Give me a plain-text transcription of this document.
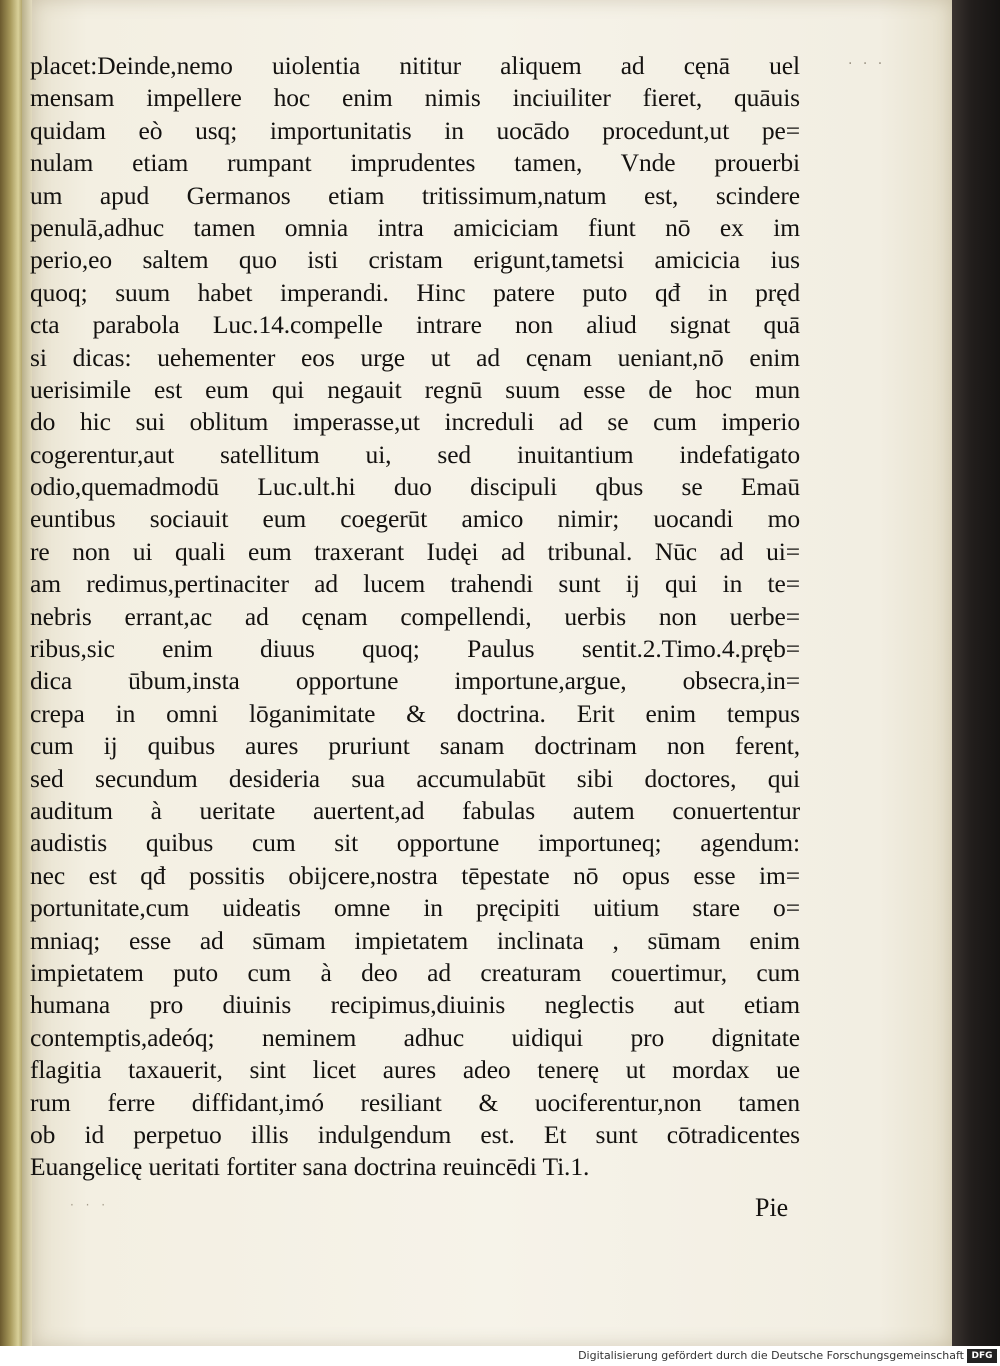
· · ·
· · ·
placet:Deinde,nemo uiolentia nititur aliquem ad cęnā uel
mensam impellere hoc enim nimis inciuiliter fieret, quāuis
quidam eò usq; importunitatis in uocādo procedunt,ut pe=
nulam etiam rumpant imprudentes tamen, Vnde prouerbi
um apud Germanos etiam tritissimum,natum est, scindere
penulā,adhuc tamen omnia intra amiciciam fiunt nō ex im
perio,eo saltem quo isti cristam erigunt,tametsi amicicia ius
quoq; suum habet imperandi. Hinc patere puto qđ in pręd
cta parabola Luc.14.compelle intrare non aliud signat quā
si dicas: uehementer eos urge ut ad cęnam ueniant,nō enim
uerisimile est eum qui negauit regnū suum esse de hoc mun
do hic sui oblitum imperasse,ut increduli ad se cum imperio
cogerentur,aut satellitum ui, sed inuitantium indefatigato
odio,quemadmodū Luc.ult.hi duo discipuli qbus se Emaū
euntibus sociauit eum coegerūt amico nimir; uocandi mo
re non ui quali eum traxerant Iudęi ad tribunal. Nūc ad ui=
am redimus,pertinaciter ad lucem trahendi sunt ij qui in te=
nebris errant,ac ad cęnam compellendi, uerbis non uerbe=
ribus,sic enim diuus quoq; Paulus sentit.2.Timo.4.pręb=
dica ūbum,insta opportune importune,argue, obsecra,in=
crepa in omni lōganimitate & doctrina. Erit enim tempus
cum ij quibus aures pruriunt sanam doctrinam non ferent,
sed secundum desideria sua accumulabūt sibi doctores, qui
auditum à ueritate auertent,ad fabulas autem conuertentur
audistis quibus cum sit opportune importuneq; agendum:
nec est qđ possitis obijcere,nostra tēpestate nō opus esse im=
portunitate,cum uideatis omne in pręcipiti uitium stare o=
mniaq; esse ad sūmam impietatem inclinata , sūmam enim
impietatem puto cum à deo ad creaturam couertimur, cum
humana pro diuinis recipimus,diuinis neglectis aut etiam
contemptis,adeóq; neminem adhuc uidiqui pro dignitate
flagitia taxauerit, sint licet aures adeo tenerę ut mordax ue
rum ferre diffidant,imó resiliant & uociferentur,non tamen
ob id perpetuo illis indulgendum est. Et sunt cōtradicentes
Euangelicę ueritati fortiter sana doctrina reuincēdi Ti.1.
Pie
Digitalisierung gefördert durch die Deutsche Forschungsgemeinschaft DFG
